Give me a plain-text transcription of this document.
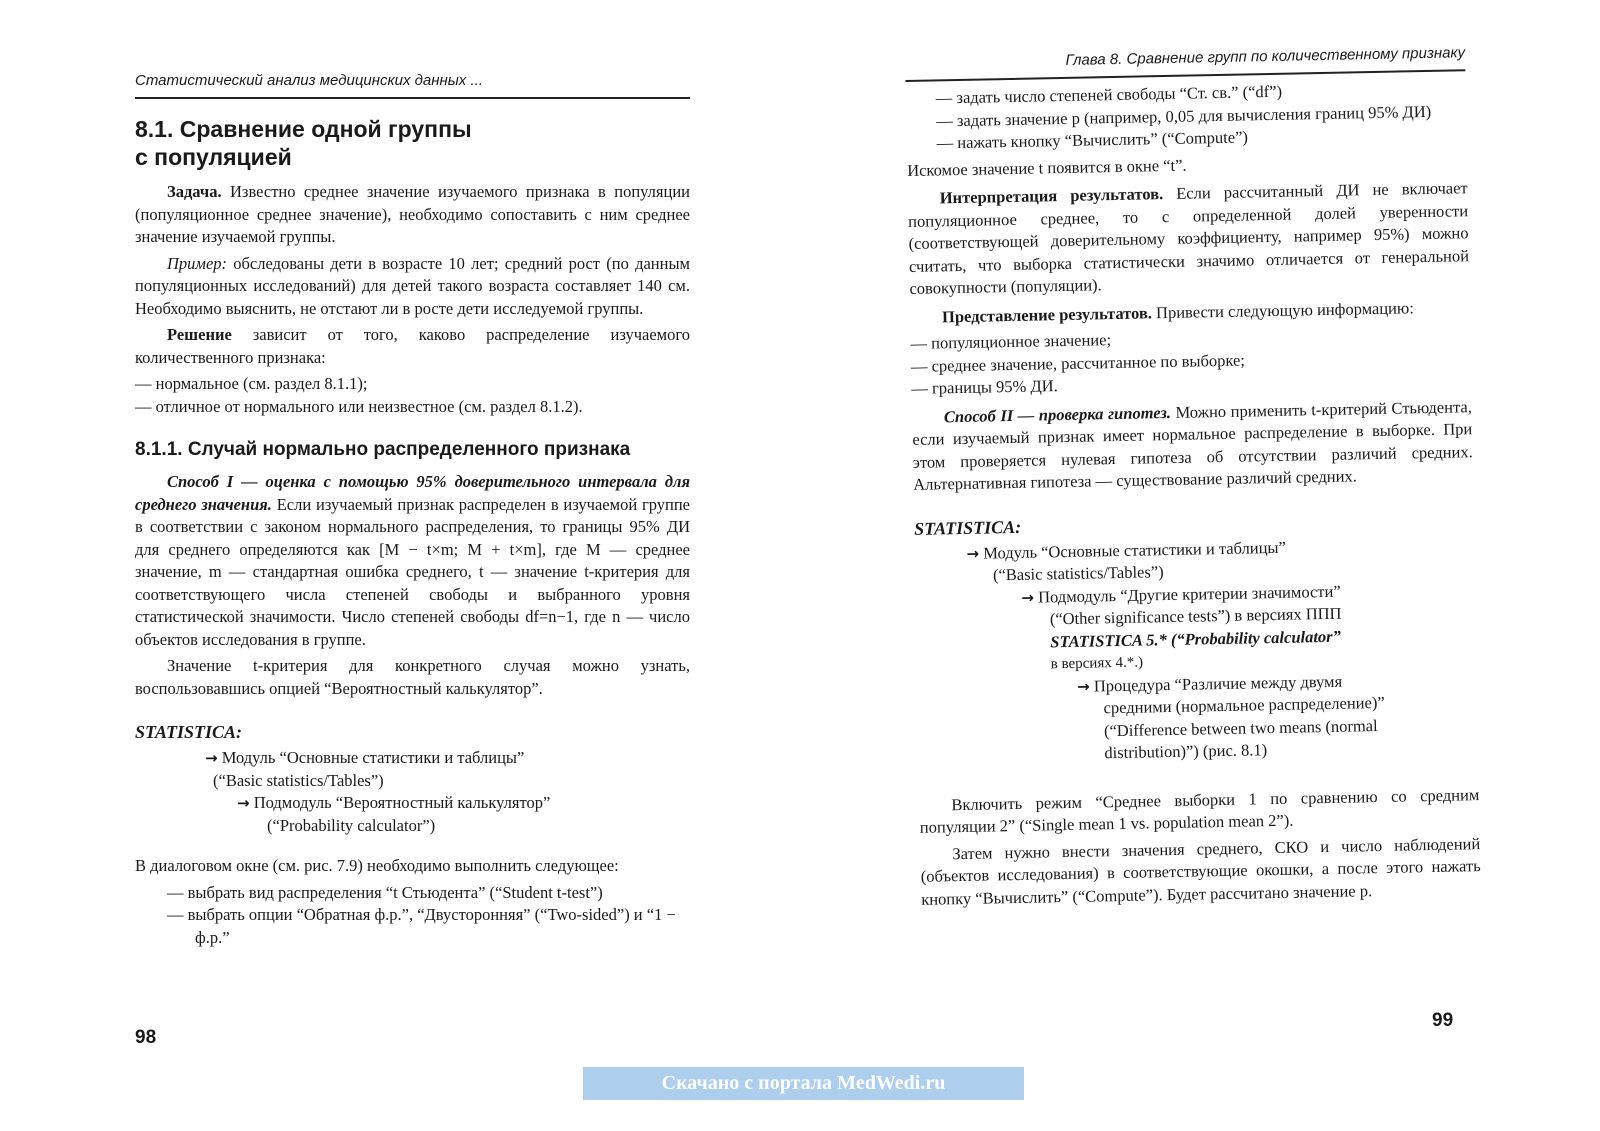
Статистический анализ медицинских данных ...
8.1. Сравнение одной группы
с популяцией

Задача. Известно среднее значение изучаемого признака в популяции (популяционное среднее значение), необходимо сопоставить с ним среднее значение изучаемой группы.

Пример: обследованы дети в возрасте 10 лет; средний рост (по данным популяционных исследований) для детей такого возраста составляет 140 см. Необходимо выяснить, не отстают ли в росте дети исследуемой группы.

Решение зависит от того, каково распределение изучаемого количественного признака:

— нормальное (см. раздел 8.1.1);
— отличное от нормального или неизвестное (см. раздел 8.1.2).
8.1.1. Случай нормально распределенного признака

Способ I — оценка с помощью 95% доверительного интервала для среднего значения. Если изучаемый признак распределен в изучаемой группе в соответствии с законом нормального распределения, то границы 95% ДИ для среднего определяются как [M − t×m; M + t×m], где M — среднее значение, m — стандартная ошибка среднего, t — значение t-критерия для соответствующего числа степеней свободы и выбранного уровня статистической значимости. Число степеней свободы df=n−1, где n — число объектов исследования в группе.

Значение t-критерия для конкретного случая можно узнать, воспользовавшись опцией “Вероятностный калькулятор”.

STATISTICA:
→ Модуль “Основные статистики и таблицы”
(“Basic statistics/Tables”)
→ Подмодуль “Вероятностный калькулятор”
(“Probability calculator”)

В диалоговом окне (см. рис. 7.9) необходимо выполнить следующее:

— выбрать вид распределения “t Стьюдента” (“Student t-test”)
— выбрать опции “Обратная ф.р.”, “Двусторонняя” (“Two-sided”) и “1 − ф.р.”
98
Глава 8. Сравнение групп по количественному признаку
— задать число степеней свободы “Ст. св.” (“df”)
— задать значение p (например, 0,05 для вычисления границ 95% ДИ)
— нажать кнопку “Вычислить” (“Compute”)

Искомое значение t появится в окне “t”.

Интерпретация результатов. Если рассчитанный ДИ не включает популяционное среднее, то с определенной долей уверенности (соответствующей доверительному коэффициенту, например 95%) можно считать, что выборка статистически значимо отличается от генеральной совокупности (популяции).

Представление результатов. Привести следующую информацию:

— популяционное значение;
— среднее значение, рассчитанное по выборке;
— границы 95% ДИ.

Способ II — проверка гипотез. Можно применить t-критерий Стьюдента, если изучаемый признак имеет нормальное распределение в выборке. При этом проверяется нулевая гипотеза об отсутствии различий средних. Альтернативная гипотеза — существование различий средних.

STATISTICA:
→ Модуль “Основные статистики и таблицы”
(“Basic statistics/Tables”)
→ Подмодуль “Другие критерии значимости”
(“Other significance tests”) в версиях ППП
STATISTICA 5.* (“Probability calculator”
в версиях 4.*.)
→ Процедура “Различие между двумя
средними (нормальное распределение)”
(“Difference between two means (normal
distribution)”) (рис. 8.1)

Включить режим “Среднее выборки 1 по сравнению со средним популяции 2” (“Single mean 1 vs. population mean 2”).

Затем нужно внести значения среднего, СКО и число наблюдений (объектов исследования) в соответствующие окошки, а после этого нажать кнопку “Вычислить” (“Compute”). Будет рассчитано значение p.

99
Скачано с портала MedWedi.ru
